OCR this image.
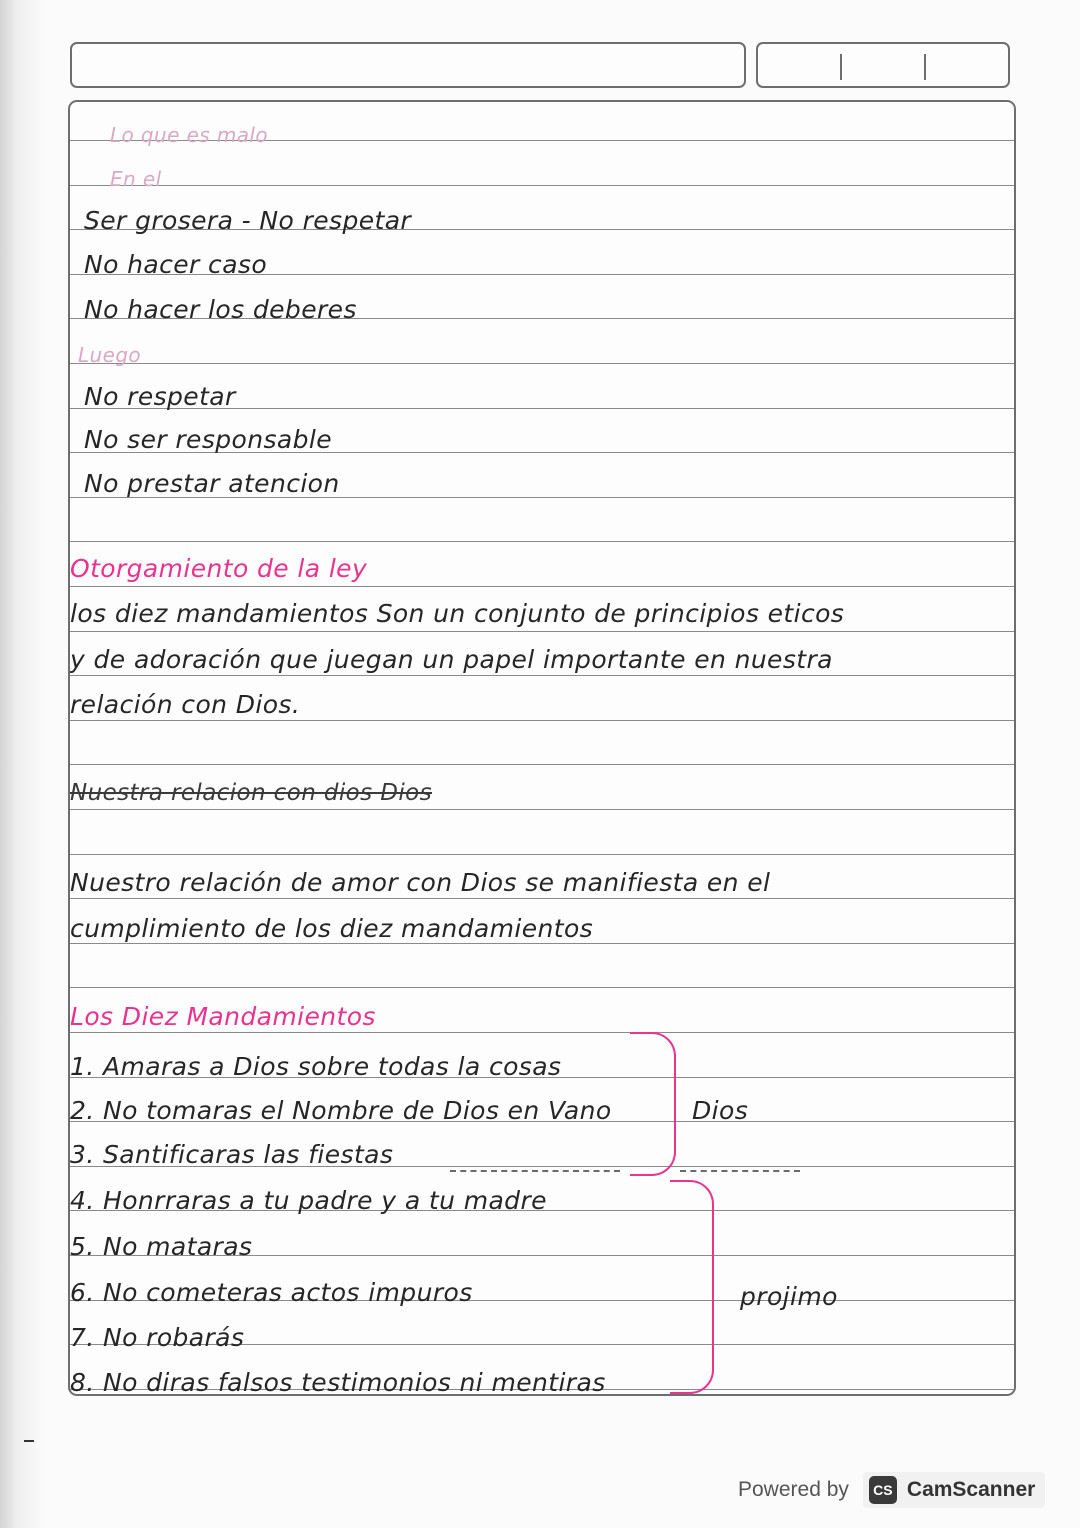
Lo que es malo
En el
Ser grosera - No respetar
No hacer caso
No hacer los deberes
Luego
No respetar
No ser responsable
No prestar atencion
Otorgamiento de la ley
los diez mandamientos Son un conjunto de principios eticos
y de adoración que juegan un papel importante en nuestra
relación con Dios.
Nuestra relacion con dios Dios
Nuestro relación de amor con Dios se manifiesta en el
cumplimiento de los diez mandamientos
Los Diez Mandamientos
1. Amaras a Dios sobre todas la cosas
2. No tomaras el Nombre de Dios en Vano
3. Santificaras las fiestas
4. Honrraras a tu padre y a tu madre
5. No mataras
6. No cometeras actos impuros
7. No robarás
8. No diras falsos testimonios ni mentiras
Dios
projimo
Powered by	CS CamScanner
